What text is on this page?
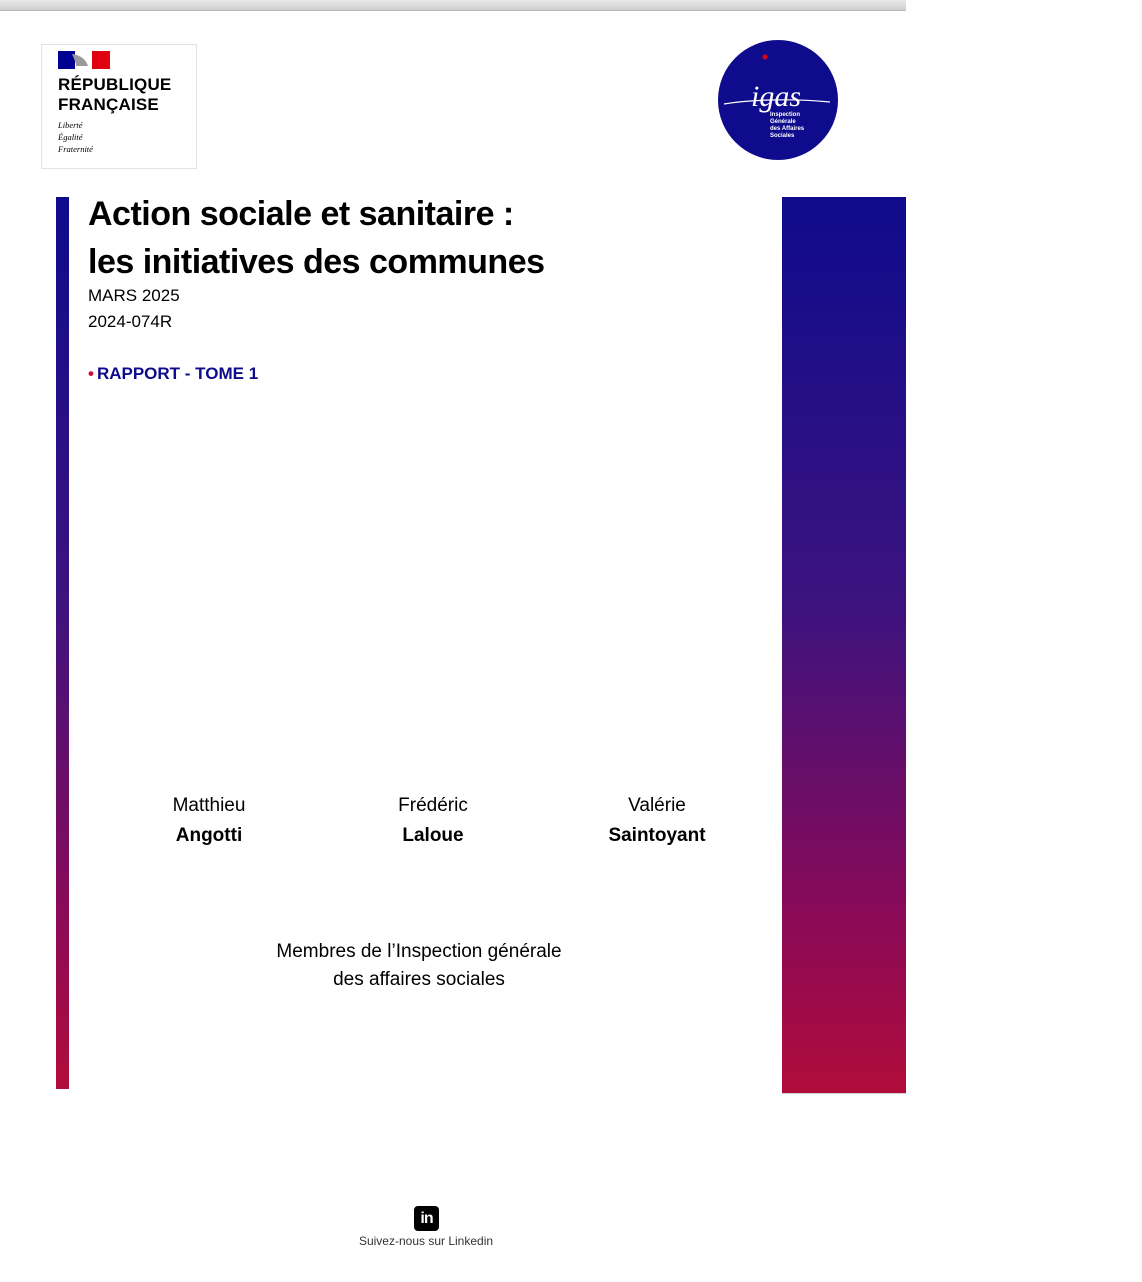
RÉPUBLIQUE
FRANÇAISE
Liberté
Égalité
Fraternité
igas
Inspection
Générale
des Affaires
Sociales
Action sociale et sanitaire :
les initiatives des communes
MARS 2025
2024-074R
• RAPPORT - TOME 1
Matthieu
Angotti
Frédéric
Laloue
Valérie
Saintoyant
Membres de l’Inspection générale
des affaires sociales	RAPPORT
in
Suivez-nous sur Linkedin
